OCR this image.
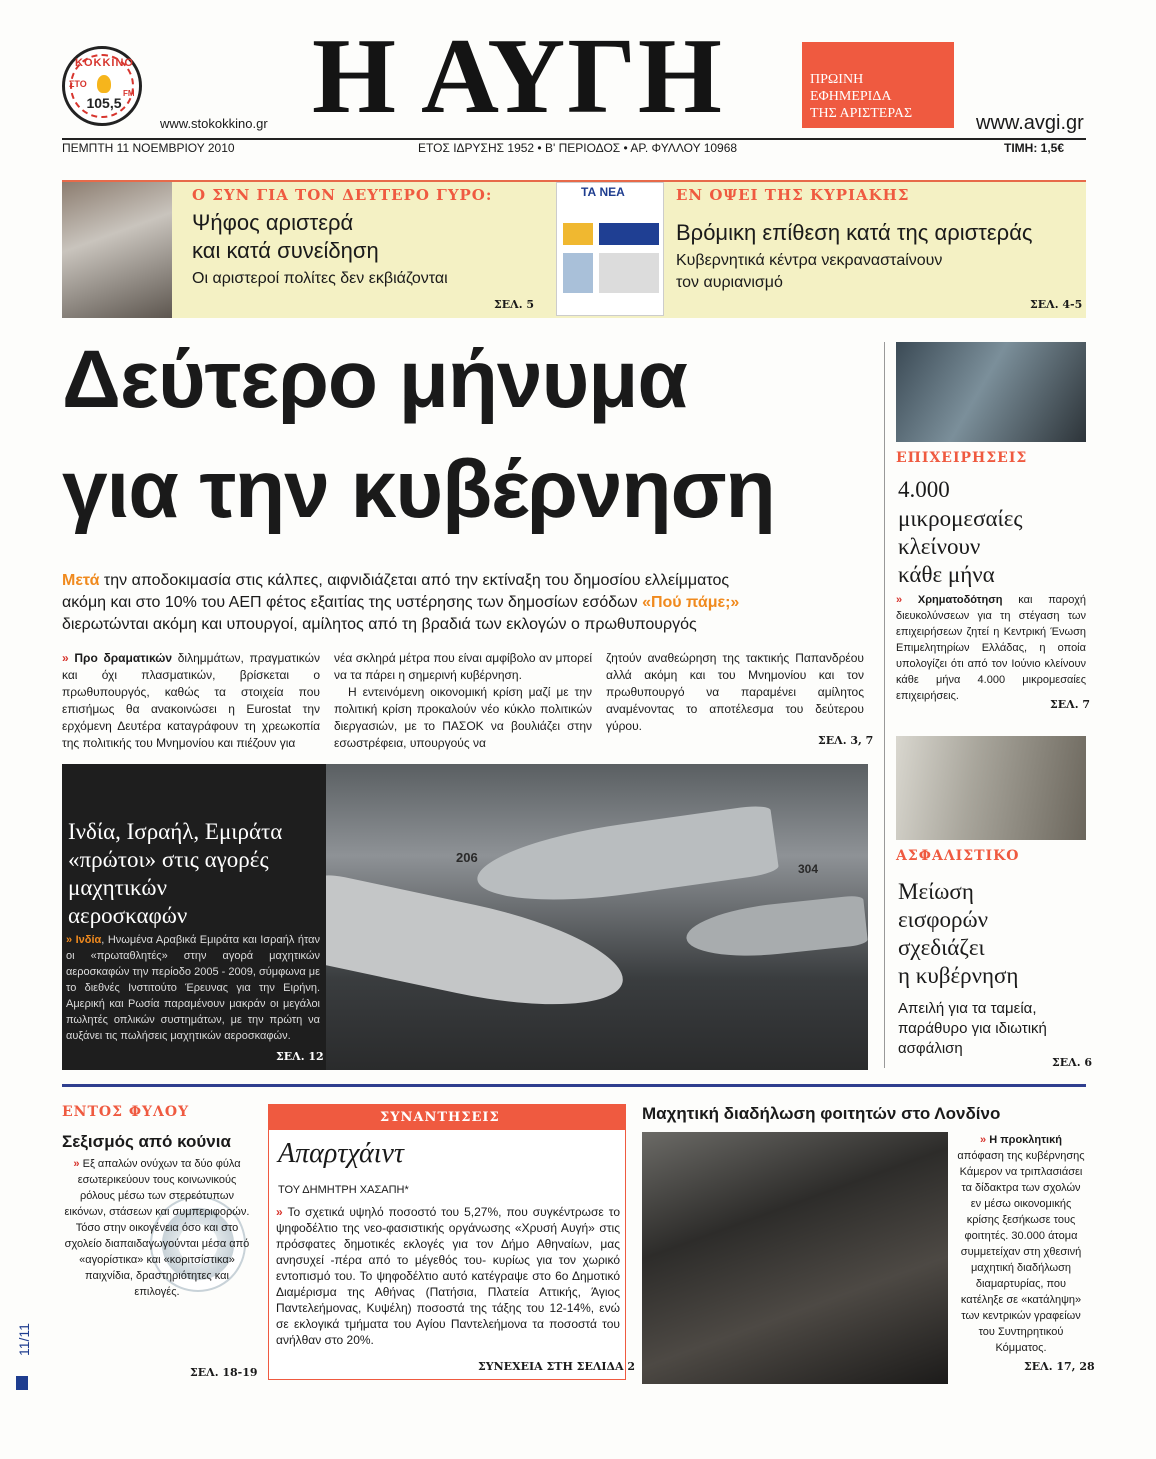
KOKKINO
ΣΤΟ
105,5
FM
www.stokokkino.gr Η ΑΥΓΗ	ΠΡΩΙΝΗ
ΕΦΗΜΕΡΙΔΑ
ΤΗΣ ΑΡΙΣΤΕΡΑΣ	www.avgi.gr
ΠΕΜΠΤΗ 11 ΝΟΕΜΒΡΙΟΥ 2010	ΕΤΟΣ ΙΔΡΥΣΗΣ 1952 • Β' ΠΕΡΙΟΔΟΣ • ΑΡ. ΦΥΛΛΟΥ 10968	ΤΙΜΗ: 1,5€
Ο ΣΥΝ ΓΙΑ ΤΟΝ ΔΕΥΤΕΡΟ ΓΥΡΟ:
Ψήφος αριστερά
και κατά συνείδηση
Οι αριστεροί πολίτες δεν εκβιάζονται
ΣΕΛ. 5
ΤΑ ΝΕΑ	ΕΝ ΟΨΕΙ ΤΗΣ ΚΥΡΙΑΚΗΣ
Βρόμικη επίθεση κατά της αριστεράς
Κυβερνητικά κέντρα νεκραναστaίνουν
τον αυριανισμό
ΣΕΛ. 4-5
Δεύτερο μήνυμα
για την κυβέρνηση
Μετά την αποδοκιμασία στις κάλπες, αιφνιδιάζεται από την εκτίναξη του δημοσίου ελλείμματος
ακόμη και στο 10% του ΑΕΠ φέτος εξαιτίας της υστέρησης των δημοσίων εσόδων «Πού πάμε;»
διερωτώνται ακόμη και υπουργοί, αμίλητος από τη βραδιά των εκλογών ο πρωθυπουργός
» Προ δραματικών διλημμάτων, πραγματικών και όχι πλασματικών, βρίσκεται ο πρωθυπουργός, καθώς τα στοιχεία που επισήμως θα ανακοινώσει η Eurostat την ερχόμενη Δευτέρα καταγράφουν τη χρεωκοπία της πολιτικής του Μνημονίου και πιέζουν για
νέα σκληρά μέτρα που είναι αμφίβολο αν μπορεί να τα πάρει η σημερινή κυβέρνηση.
Η εντεινόμενη οικονομική κρίση μαζί με την πολιτική κρίση προκαλούν νέο κύκλο πολιτικών διεργασιών, με το ΠΑΣΟΚ να βουλιάζει στην εσωστρέφεια, υπουργούς να
ζητούν αναθεώρηση της τακτικής Παπανδρέου αλλά ακόμη και του Μνημονίου και τον πρωθυπουργό να παραμένει αμίλητος αναμένοντας το αποτέλεσμα του δεύτερου γύρου.
ΣΕΛ. 3, 7
ΕΠΙΧΕΙΡΗΣΕΙΣ
4.000
μικρομεσαίες
κλείνουν
κάθε μήνα
» Χρηματοδότηση και παροχή διευκολύνσεων για τη στέγαση των επιχειρήσεων ζητεί η Κεντρική Ένωση Επιμελητηρίων Ελλάδας, η οποία υπολογίζει ότι από τον Ιούνιο κλείνουν κάθε μήνα 4.000 μικρομεσαίες επιχειρήσεις.
ΣΕΛ. 7
ΑΣΦΑΛΙΣΤΙΚΟ
Μείωση
εισφορών
σχεδιάζει
η κυβέρνηση
Απειλή για τα ταμεία,
παράθυρο για ιδιωτική
ασφάλιση
ΣΕΛ. 6
206
304
Ινδία, Ισραήλ, Εμιράτα
«πρώτοι» στις αγορές
μαχητικών
αεροσκαφών
» Ινδία, Ηνωμένα Αραβικά Εμιράτα και Ισραήλ ήταν οι «πρωταθλητές» στην αγορά μαχητικών αεροσκαφών την περίοδο 2005 - 2009, σύμφωνα με το διεθνές Ινστιτούτο Έρευνας για την Ειρήνη. Αμερική και Ρωσία παραμένουν μακράν οι μεγάλοι πωλητές οπλικών συστημάτων, με την πρώτη να αυξάνει τις πωλήσεις μαχητικών αεροσκαφών.
ΣΕΛ. 12
ΕΝΤΟΣ ΦΥΛΟΥ
Σεξισμός από κούνια
» Εξ απαλών ονύχων τα δύο φύλα εσωτερικεύουν τους κοινωνικούς ρόλους μέσω των στερεότυπων εικόνων, στάσεων και συμπεριφορών. Τόσο στην οικογένεια όσο και στο σχολείο διαπαιδαγωγούνται μέσα από «αγορίστικα» και «κοριτσίστικα» παιχνίδια, δραστηριότητες και επιλογές.
ΣΕΛ. 18-19
11/11
ΣΥΝΑΝΤΗΣΕΙΣ
Απαρτχάιντ
ΤΟΥ ΔΗΜΗΤΡΗ ΧΑΣΑΠΗ*
» Το σχετικά υψηλό ποσοστό του 5,27%, που συγκέντρωσε το ψηφοδέλτιο της νεο-φασιστικής οργάνωσης «Χρυσή Αυγή» στις πρόσφατες δημοτικές εκλογές για τον Δήμο Αθηναίων, μας ανησυχεί -πέρα από το μέγεθός του- κυρίως για τον χωρικό εντοπισμό του. Το ψηφοδέλτιο αυτό κατέγραψε στο 6ο Δημοτικό Διαμέρισμα της Αθήνας (Πατήσια, Πλατεία Αττικής, Άγιος Παντελεήμονας, Κυψέλη) ποσοστά της τάξης του 12-14%, ενώ σε εκλογικά τμήματα του Αγίου Παντελεήμονα τα ποσοστά του ανήλθαν στο 20%.
ΣΥΝΕΧΕΙΑ ΣΤΗ ΣΕΛΙΔΑ 2
Μαχητική διαδήλωση φοιτητών στο Λονδίνο
» Η προκλητική απόφαση της κυβέρνησης Κάμερον να τριπλασιάσει τα δίδακτρα των σχολών εν μέσω οικονομικής κρίσης ξεσήκωσε τους φοιτητές. 30.000 άτομα συμμετείχαν στη χθεσινή μαχητική διαδήλωση διαμαρτυρίας, που κατέληξε σε «κατάληψη» των κεντρικών γραφείων του Συντηρητικού Κόμματος.
ΣΕΛ. 17, 28
